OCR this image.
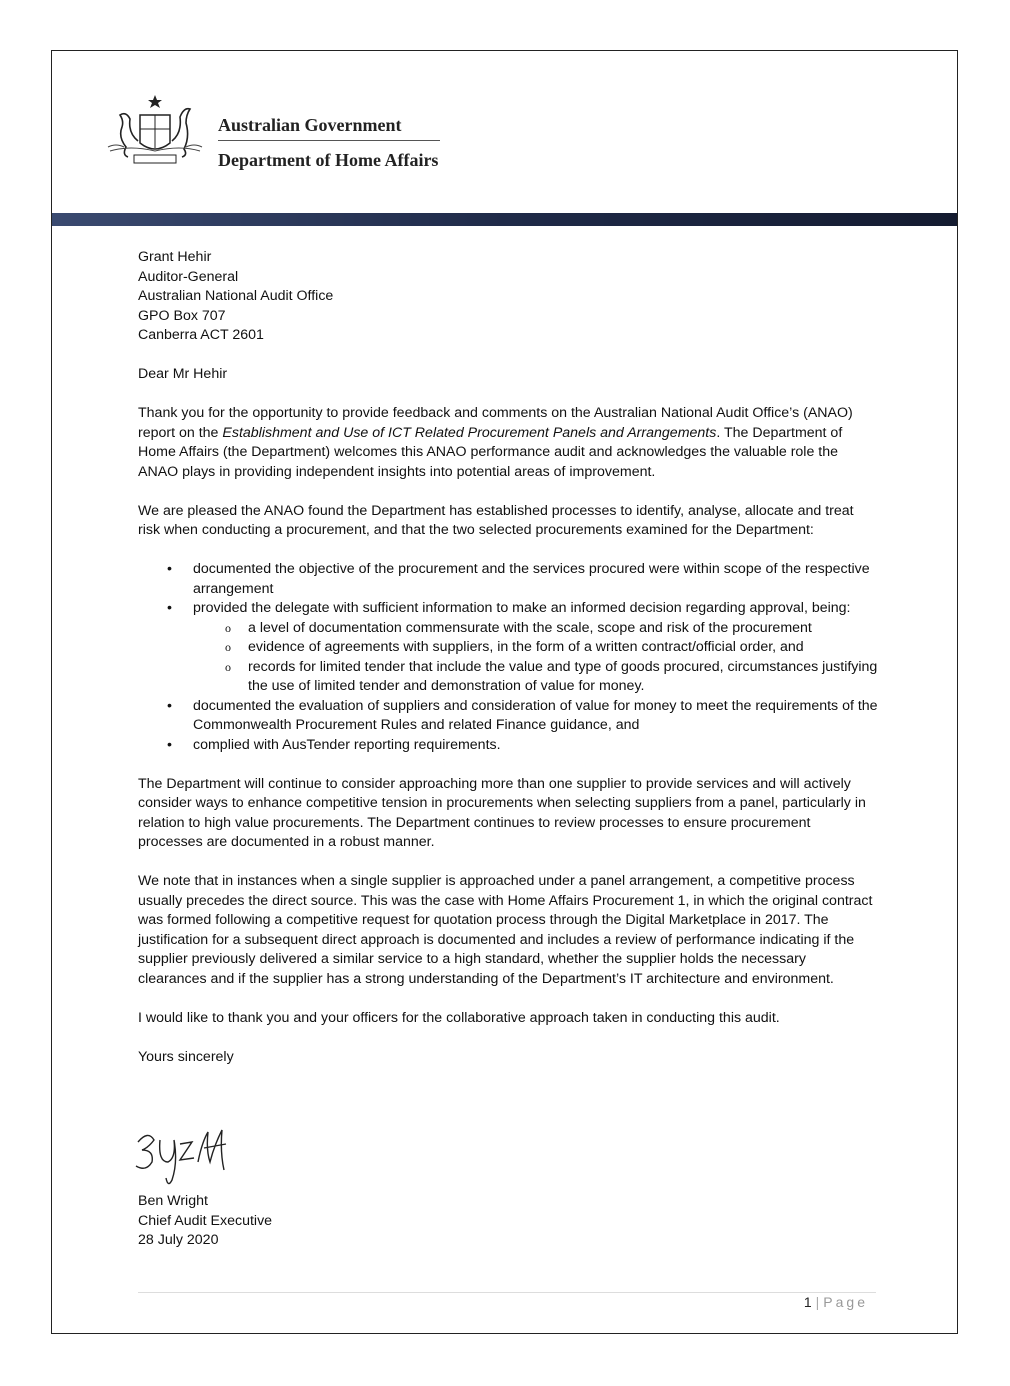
Australian Government
Department of Home Affairs

Grant Hehir
Auditor-General
Australian National Audit Office
GPO Box 707
Canberra ACT 2601

Dear Mr Hehir

Thank you for the opportunity to provide feedback and comments on the Australian National Audit Office’s (ANAO) report on the Establishment and Use of ICT Related Procurement Panels and Arrangements. The Department of Home Affairs (the Department) welcomes this ANAO performance audit and acknowledges the valuable role the ANAO plays in providing independent insights into potential areas of improvement.

We are pleased the ANAO found the Department has established processes to identify, analyse, allocate and treat risk when conducting a procurement, and that the two selected procurements examined for the Department:

• documented the objective of the procurement and the services procured were within scope of the respective arrangement
• provided the delegate with sufficient information to make an informed decision regarding approval, being:
o a level of documentation commensurate with the scale, scope and risk of the procurement
o evidence of agreements with suppliers, in the form of a written contract/official order, and
o records for limited tender that include the value and type of goods procured, circumstances justifying the use of limited tender and demonstration of value for money.
• documented the evaluation of suppliers and consideration of value for money to meet the requirements of the Commonwealth Procurement Rules and related Finance guidance, and
• complied with AusTender reporting requirements.

The Department will continue to consider approaching more than one supplier to provide services and will actively consider ways to enhance competitive tension in procurements when selecting suppliers from a panel, particularly in relation to high value procurements. The Department continues to review processes to ensure procurement processes are documented in a robust manner.

We note that in instances when a single supplier is approached under a panel arrangement, a competitive process usually precedes the direct source. This was the case with Home Affairs Procurement 1, in which the original contract was formed following a competitive request for quotation process through the Digital Marketplace in 2017. The justification for a subsequent direct approach is documented and includes a review of performance indicating if the supplier previously delivered a similar service to a high standard, whether the supplier holds the necessary clearances and if the supplier has a strong understanding of the Department’s IT architecture and environment.

I would like to thank you and your officers for the collaborative approach taken in conducting this audit.

Yours sincerely
Ben Wright
Chief Audit Executive
28 July 2020
1 | Page
